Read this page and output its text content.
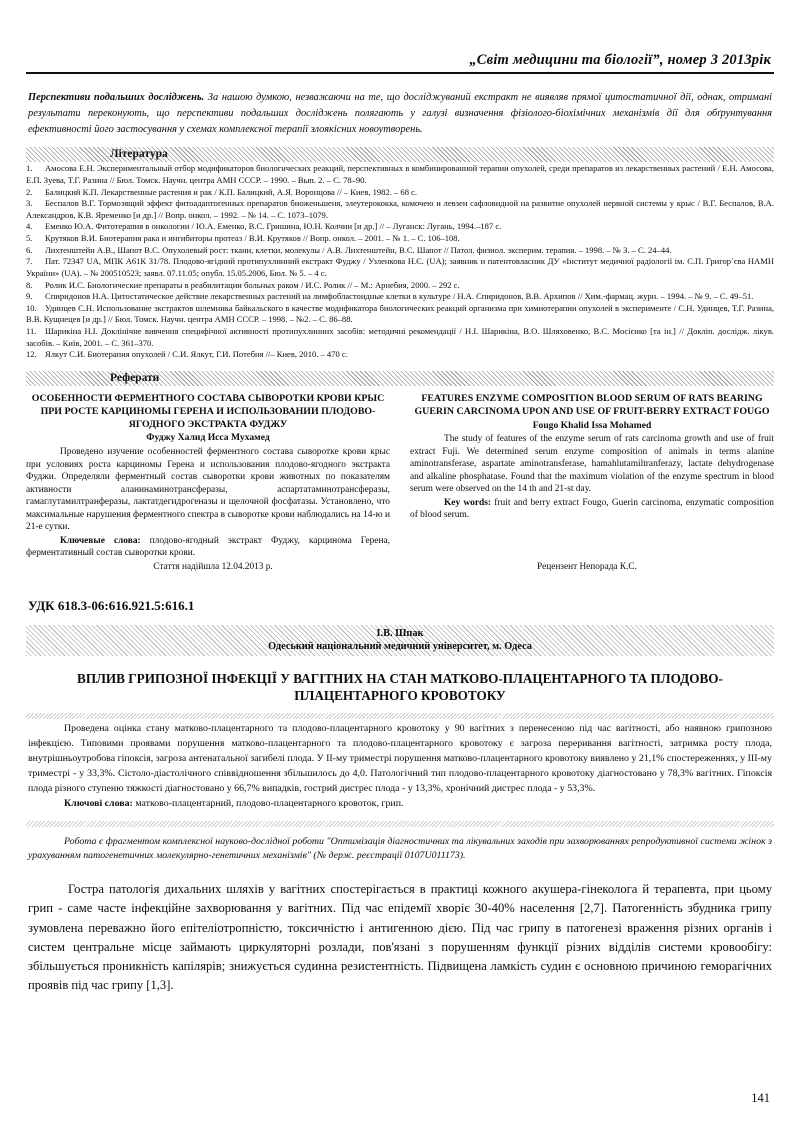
„Світ медицини та біології”, номер 3 2013рік

Перспективи подальших досліджень. За нашою думкою, незважаючи на те, що досліджуваний екстракт не виявляв прямої цитостатичної дії, однак, отримані результати переконують, що перспективи подальших досліджень полягають у галузі визначення фізіолого-біохімічних механізмів дії для обґрунтування ефективності його застосування у схемах комплексної терапії злоякісних новоутворень.

Література

1. Амосова Е.Н. Экспериментальный отбор модификаторов биологических реакций, перспективных в комбинированной терапии опухолей, среди препаратов из лекарственных растений / Е.Н. Амосова, Е.П. Зуева, Т.Г. Разина // Бюл. Томск. Научн. центра АМН СССР. – 1990. – Вып. 2. – С. 78–90.

2. Балицкий К.П. Лекарственные растения и рак / К.П. Балицкий, А.Я. Воронцова // – Киев, 1982. – 68 с.

3. Беспалов В.Г. Тормозящий эффект фитоадаптогенных препаратов биоженьшеня, элеутерококка, комочею и левзеи сафловидной на развитие опухолей нервной системы у крыс / В.Г. Беспалов, В.А. Александров, К.В. Яременко [и др.] // Вопр. онкол. – 1992. – № 14. – С. 1073–1079.

4. Еменко Ю.А. Фитотерапия в онкологии / Ю.А. Еменко, В.С. Гришина, Ю.Н. Колчии [и др.] // – Луганск: Лугань, 1994.–187 с.

5. Крутяков В.И. Биотерапия рака и ингибиторы протеаз / В.И. Крутяков // Вопр. онкол. – 2001. – № 1. – С. 106–108.

6. Лихтенштейн А.В., Шапот В.С. Опухолевый рост: ткани, клетки, молекулы / А.В. Лихтенштейн, В.С. Шапот // Патол. физиол. эксперим. терапия. – 1998. – № 3. – С. 24–44.

7. Пат. 72347 UA, МПК А61К 31/78. Плодово-ягідний протипухлинний екстракт Фуджу / Узленкова Н.Є. (UA); заявник и патентовласник ДУ «Інститут медичної радіології ім. С.П. Григор`єва НАМН України» (UA). – № 200510523; заявл. 07.11.05; опубл. 15.05.2006, Бюл. № 5. – 4 с.

8. Ролик И.С. Биологические препараты в реабилитации больных раком / И.С. Ролик // – М.: Арнебия, 2000. – 292 с.

9. Спиридонов Н.А. Цитостатическое действие лекарственных растений на лимфобластоидные клетки в культуре / Н.А. Спиридонов, В.В. Архипов // Хим.-фармац. журн. – 1994. – № 9. – С. 49–51.

10. Удинцев С.Н. Использование экстрактов шлемника байкальского в качестве модификатора биологических реакций организма при химиотерапии опухолей в эксперименте / С.Н. Удинцев, Т.Г. Разина, В.В. Кущнецев [и др.] // Бюл. Томск. Научн. центра АМН СССР. – 1998. – №2. – С. 86–88.

11. Шарикіна Н.І. Доклінічне вивчення специфічної активності протипухлинних засобів: методичні рекомендації / Н.І. Шарикіна, В.О. Шляховенко, В.С. Мосієнко [та ін.] // Докліn. дослідж. лікув. засобів. – Київ, 2001. – С. 361–370.

12. Ялкут С.И. Биотерапия опухолей / С.И. Ялкут, Г.И. Потебня //– Киев, 2010. – 470 с.

Реферати
ОСОБЕННОСТИ ФЕРМЕНТНОГО СОСТАВА СЫВОРОТКИ КРОВИ КРЫС ПРИ РОСТЕ КАРЦИНОМЫ ГЕРЕНА И ИСПОЛЬЗОВАНИИ ПЛОДОВО-ЯГОДНОГО ЭКСТРАКТА ФУДЖУ
Фуджу Халид Исса Мухамед

Проведено изучение особенностей ферментного состава сыворотке крови крыс при условиях роста карциномы Герена и использования плодово-ягодного экстракта Фуджи. Определяли ферментный состав сыворотки крови животных по показателям активности аланинаминотрансферазы, аспартатаминотрансферазы, гамаглутамилтранферазы, лактатдегидрогеназы и щелочной фосфатазы. Установлено, что максимальные нарушения ферментного спектра в сыворотке крови наблюдались на 14-ю и 21-е сутки.

Ключевые слова: плодово-ягодный экстракт Фуджу, карцинома Герена, ферментативный состав сыворотки крови.

FEATURES ENZYME COMPOSITION BLOOD SERUM OF RATS BEARING GUERIN CARCINOMA UPON AND USE OF FRUIT-BERRY EXTRACT FOUGO
Fougo Khalid Issa Mohamed

The study of features of the enzyme serum of rats carcinoma growth and use of fruit extract Fuji. We determined serum enzyme composition of animals in terms alanine aminotransferase, aspartate aminotransferase, hamahlutamiltranferazy, lactate dehydrogenase and alkaline phosphatase. Found that the maximum violation of the enzyme spectrum in blood serum were observed on the 14 th and 21-st day.

Key words: fruit and berry extract Fougo, Guerin carcinoma, enzymatic composition of blood serum.

Стаття надійшла 12.04.2013 р.	Рецензент Непорада К.С.
УДК 618.3-06:616.921.5:616.1
І.В. Шпак
Одеський національний медичний університет, м. Одеса
ВПЛИВ ГРИПОЗНОЇ ІНФЕКЦІЇ У ВАГІТНИХ НА СТАН МАТКОВО-ПЛАЦЕНТАРНОГО ТА ПЛОДОВО-ПЛАЦЕНТАРНОГО КРОВОТОКУ

Проведена оцінка стану матково-плацентарного та плодово-плацентарного кровотоку у 90 вагітних з перенесеною під час вагітності, або наявною грипозною інфекцією. Типовими проявами порушення матково-плацентарного та плодово-плацентарного кровотоку є загроза переривання вагітності, затримка росту плода, внутрішньоутробова гіпоксія, загроза антенатальної загибелі плода. У ІІ-му триместрі порушення матково-плацентарного кровотоку виявлено у 21,1% спостереженнях, у ІІІ-му триместрі - у 33,3%. Сістоло-діастолічного співвідношення збільшилось до 4,0. Патологічний тип плодово-плацентарного кровотоку діагностовано у 78,3% вагітних. Гіпоксія плода різного ступеню тяжкості діагностовано у 66,7% випадків, гострий дистрес плода - у 13,3%, хронічний дистрес плода - у 53,3%.

Ключові слова: матково-плацентарний, плодово-плацентарного кровоток, грип.

Робота є фрагментом комплексної науково-дослідної роботи "Оптимізація діагностичних та лікувальних заходів при захворюваннях репродуктивної системи жінок з урахуванням патогенетичних молекулярно-генетичних механізмів" (№ держ. реєстрації 0107U011173).

Гостра патологія дихальних шляхів у вагітних спостерігається в практиці кожного акушера-гінеколога й терапевта, при цьому грип - саме часте інфекційне захворювання у вагітних. Під час епідемії хворіє 30-40% населення [2,7]. Патогенність збудника грипу зумовлена переважно його епітеліотропністю, токсичністю і антигенною дією. Під час грипу в патогенезі враження різних органів і систем центральне місце займають циркуляторні розлади, пов'язані з порушенням функції різних відділів системи кровообігу: збільшується проникність капілярів; знижується судинна резистентність. Підвищена ламкість судин є основною причиною геморагічних проявів під час грипу [1,3].

141
